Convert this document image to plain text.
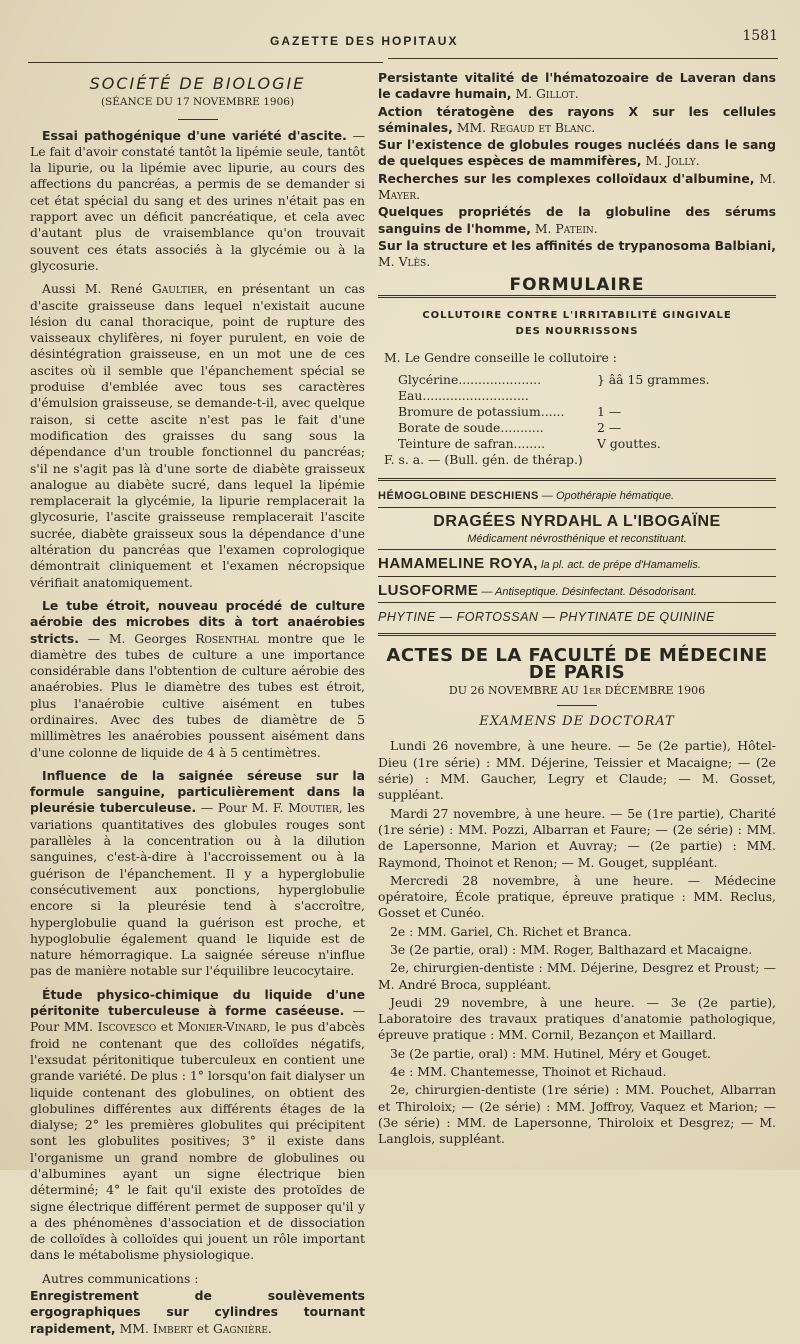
GAZETTE DES HOPITAUX	1581
SOCIÉTÉ DE BIOLOGIE
(SÉANCE DU 17 NOVEMBRE 1906)

Essai pathogénique d'une variété d'ascite. — Le fait d'avoir constaté tantôt la lipémie seule, tantôt la lipurie, ou la lipémie avec lipurie, au cours des affections du pancréas, a permis de se demander si cet état spécial du sang et des urines n'était pas en rapport avec un déficit pancréatique, et cela avec d'autant plus de vraisemblance qu'on trouvait souvent ces états associés à la glycémie ou à la glycosurie.

Aussi M. René Gaultier, en présentant un cas d'ascite graisseuse dans lequel n'existait aucune lésion du canal thoracique, point de rupture des vaisseaux chylifères, ni foyer purulent, en voie de désintégration graisseuse, en un mot une de ces ascites où il semble que l'épanchement spécial se produise d'emblée avec tous ses caractères d'émulsion graisseuse, se demande-t-il, avec quelque raison, si cette ascite n'est pas le fait d'une modification des graisses du sang sous la dépendance d'un trouble fonctionnel du pancréas; s'il ne s'agit pas là d'une sorte de diabète graisseux analogue au diabète sucré, dans lequel la lipémie remplacerait la glycémie, la lipurie remplacerait la glycosurie, l'ascite graisseuse remplacerait l'ascite sucrée, diabète graisseux sous la dépendance d'une altération du pancréas que l'examen coprologique démontrait cliniquement et l'examen nécropsique vérifiait anatomiquement.

Le tube étroit, nouveau procédé de culture aérobie des microbes dits à tort anaérobies stricts. — M. Georges Rosenthal montre que le diamètre des tubes de culture a une importance considérable dans l'obtention de culture aérobie des anaérobies. Plus le diamètre des tubes est étroit, plus l'anaérobie cultive aisément en tubes ordinaires. Avec des tubes de diamètre de 5 millimètres les anaérobies poussent aisément dans d'une colonne de liquide de 4 à 5 centimètres.

Influence de la saignée séreuse sur la formule sanguine, particulièrement dans la pleurésie tuberculeuse. — Pour M. F. Moutier, les variations quantitatives des globules rouges sont parallèles à la concentration ou à la dilution sanguines, c'est-à-dire à l'accroissement ou à la guérison de l'épanchement. Il y a hyperglobulie consécutivement aux ponctions, hyperglobulie encore si la pleurésie tend à s'accroître, hyperglobulie quand la guérison est proche, et hypoglobulie également quand le liquide est de nature hémorragique. La saignée séreuse n'influe pas de manière notable sur l'équilibre leucocytaire.

Étude physico-chimique du liquide d'une péritonite tuberculeuse à forme caséeuse. — Pour MM. Iscovesco et Monier-Vinard, le pus d'abcès froid ne contenant que des colloïdes négatifs, l'exsudat péritonitique tuberculeux en contient une grande variété. De plus : 1° lorsqu'on fait dialyser un liquide contenant des globulines, on obtient des globulines différentes aux différents étages de la dialyse; 2° les premières globulites qui précipitent sont les globulites positives; 3° il existe dans l'organisme un grand nombre de globulines ou d'albumines ayant un signe électrique bien déterminé; 4° le fait qu'il existe des protoïdes de signe électrique différent permet de supposer qu'il y a des phénomènes d'association et de dissociation de colloïdes à colloïdes qui jouent un rôle important dans le métabolisme physiologique.

Autres communications :

Enregistrement de soulèvements ergographiques sur cylindres tournant rapidement, MM. Imbert et Gagnière.

Persistante vitalité de l'hématozoaire de Laveran dans le cadavre humain, M. Gillot.

Action tératogène des rayons X sur les cellules séminales, MM. Regaud et Blanc.

Sur l'existence de globules rouges nucléés dans le sang de quelques espèces de mammifères, M. Jolly.

Recherches sur les complexes colloïdaux d'albumine, M. Mayer.

Quelques propriétés de la globuline des sérums sanguins de l'homme, M. Patein.

Sur la structure et les affinités de trypanosoma Balbiani, M. Vlès.

FORMULAIRE
COLLUTOIRE CONTRE L'IRRITABILITÉ GINGIVALE
DES NOURRISSONS
M. Le Gendre conseille le collutoire :
Glycérine.....................	} ââ 15 grammes.
Eau...........................
Bromure de potassium......	1 —
Borate de soude...........	2 —
Teinture de safran........	V gouttes.
F. s. a. — (Bull. gén. de thérap.)
HÉMOGLOBINE DESCHIENS — Opothérapie hématique.
DRAGÉES NYRDAHL A L'IBOGAÏNE
Médicament névrosthénique et reconstituant.
HAMAMELINE ROYA, la pl. act. de prépe d'Hamamelis.
LUSOFORME — Antiseptique. Désinfectant. Désodorisant.
PHYTINE — FORTOSSAN — PHYTINATE DE QUININE
ACTES DE LA FACULTÉ DE MÉDECINE DE PARIS
DU 26 NOVEMBRE AU 1er DÉCEMBRE 1906
EXAMENS DE DOCTORAT

Lundi 26 novembre, à une heure. — 5e (2e partie), Hôtel-Dieu (1re série) : MM. Déjerine, Teissier et Macaigne; — (2e série) : MM. Gaucher, Legry et Claude; — M. Gosset, suppléant.

Mardi 27 novembre, à une heure. — 5e (1re partie), Charité (1re série) : MM. Pozzi, Albarran et Faure; — (2e série) : MM. de Lapersonne, Marion et Auvray; — (2e partie) : MM. Raymond, Thoinot et Renon; — M. Gouget, suppléant.

Mercredi 28 novembre, à une heure. — Médecine opératoire, École pratique, épreuve pratique : MM. Reclus, Gosset et Cunéo.

2e : MM. Gariel, Ch. Richet et Branca.

3e (2e partie, oral) : MM. Roger, Balthazard et Macaigne.

2e, chirurgien-dentiste : MM. Déjerine, Desgrez et Proust; — M. André Broca, suppléant.

Jeudi 29 novembre, à une heure. — 3e (2e partie), Laboratoire des travaux pratiques d'anatomie pathologique, épreuve pratique : MM. Cornil, Bezançon et Maillard.

3e (2e partie, oral) : MM. Hutinel, Méry et Gouget.

4e : MM. Chantemesse, Thoinot et Richaud.

2e, chirurgien-dentiste (1re série) : MM. Pouchet, Albarran et Thiroloix; — (2e série) : MM. Joffroy, Vaquez et Marion; — (3e série) : MM. de Lapersonne, Thiroloix et Desgrez; — M. Langlois, suppléant.
